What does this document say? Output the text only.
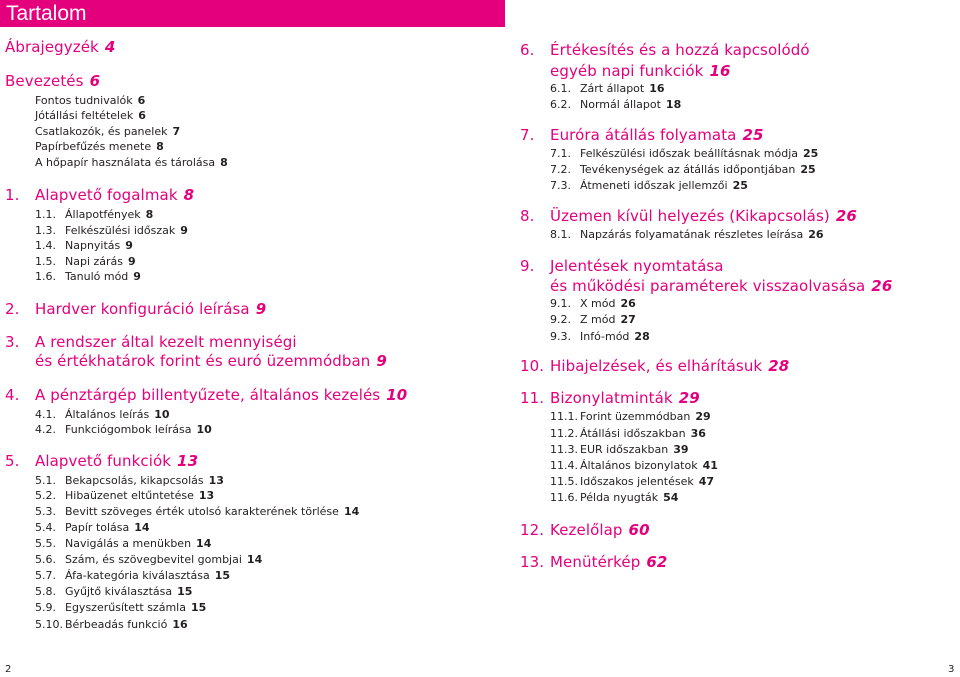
Tartalom
Ábrajegyzék 4
Bevezetés 6
Fontos tudnivalók 6
Jótállási feltételek 6
Csatlakozók, és panelek 7
Papírbefűzés menete 8
A hőpapír használata és tárolása 8
1. Alapvető fogalmak 8
1.1. Állapotfények 8
1.3. Felkészülési időszak 9
1.4. Napnyitás 9
1.5. Napi zárás 9
1.6. Tanuló mód 9
2. Hardver konfiguráció leírása 9
3. A rendszer által kezelt mennyiségi
és értékhatárok forint és euró üzemmódban 9
4. A pénztárgép billentyűzete, általános kezelés 10
4.1. Általános leírás 10
4.2. Funkciógombok leírása 10
5. Alapvető funkciók 13
5.1. Bekapcsolás, kikapcsolás 13
5.2. Hibaüzenet eltűntetése 13
5.3. Bevitt szöveges érték utolsó karakterének törlése 14
5.4. Papír tolása 14
5.5. Navigálás a menükben 14
5.6. Szám, és szövegbevitel gombjai 14
5.7. Áfa-kategória kiválasztása 15
5.8. Gyűjtő kiválasztása 15
5.9. Egyszerűsített számla 15
5.10. Bérbeadás funkció 16
6. Értékesítés és a hozzá kapcsolódó
egyéb napi funkciók 16
6.1. Zárt állapot 16
6.2. Normál állapot 18
7. Euróra átállás folyamata 25
7.1. Felkészülési időszak beállításnak módja 25
7.2. Tevékenységek az átállás időpontjában 25
7.3. Átmeneti időszak jellemzői 25
8. Üzemen kívül helyezés (Kikapcsolás) 26
8.1. Napzárás folyamatának részletes leírása 26
9. Jelentések nyomtatása
és működési paraméterek visszaolvasása 26
9.1. X mód 26
9.2. Z mód 27
9.3. Infó-mód 28
10. Hibajelzések, és elhárításuk 28
11. Bizonylatminták 29
11.1. Forint üzemmódban 29
11.2. Átállási időszakban 36
11.3. EUR időszakban 39
11.4. Általános bizonylatok 41
11.5. Időszakos jelentések 47
11.6. Példa nyugták 54
12. Kezelőlap 60
13. Menütérkép 62
2	3
